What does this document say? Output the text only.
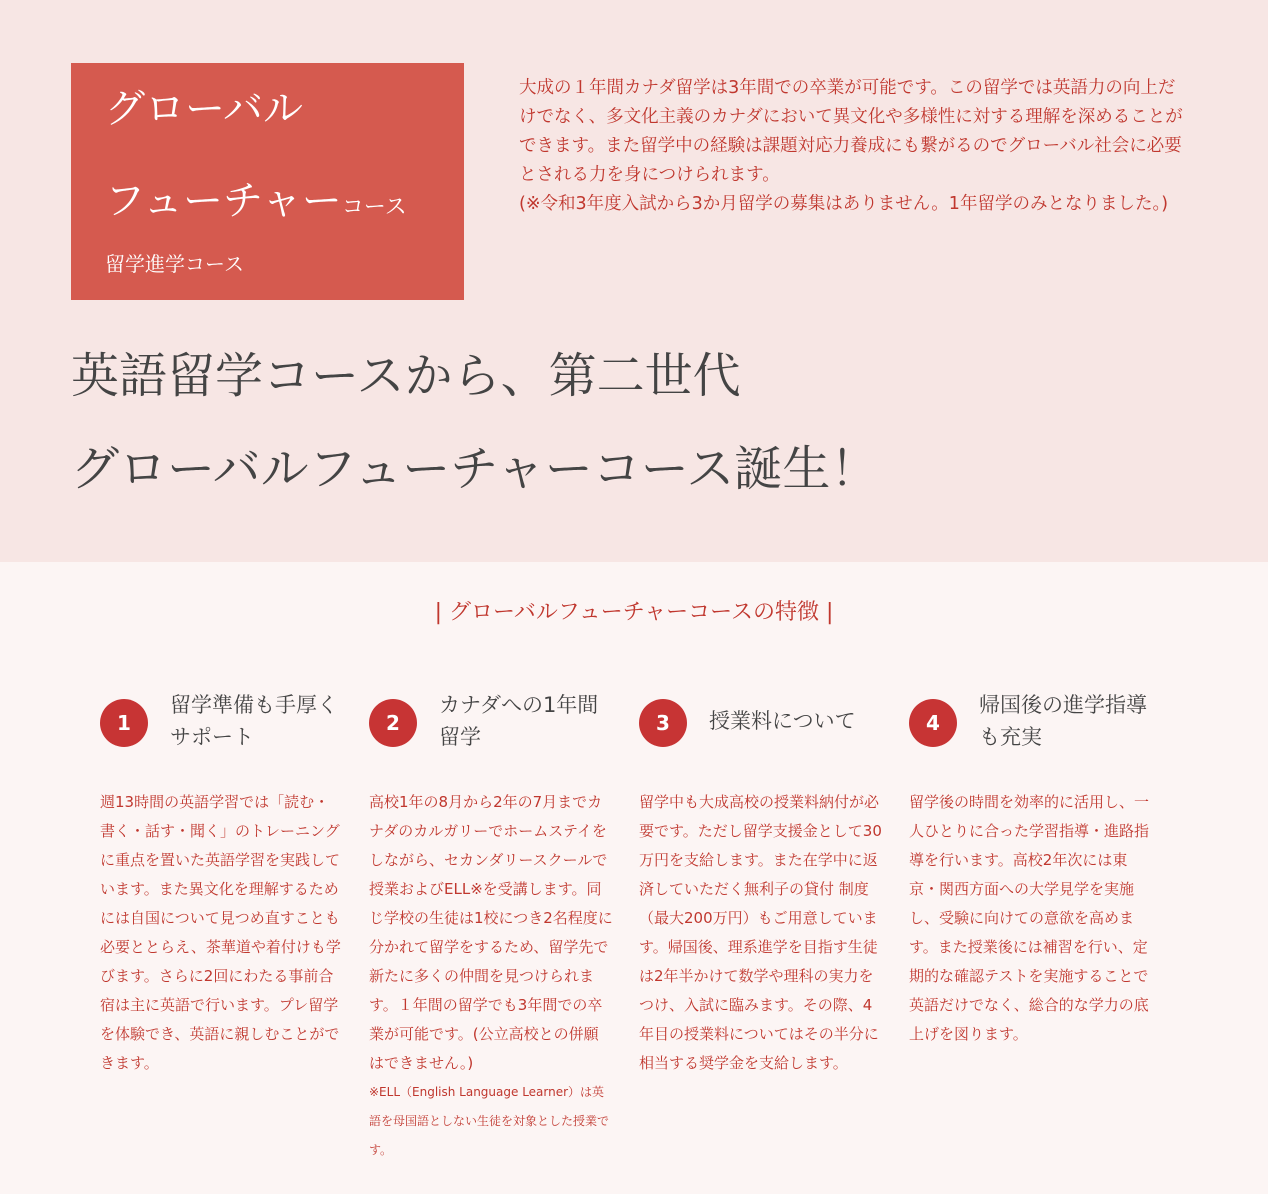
グローバル
フューチャーコース
留学進学コース
大成の１年間カナダ留学は3年間での卒業が可能です。この留学では英語力の向上だけでなく、多文化主義のカナダにおいて異文化や多様性に対する理解を深めることができます。また留学中の経験は課題対応力養成にも繋がるのでグローバル社会に必要とされる力を身につけられます。
(※令和3年度入試から3か月留学の募集はありません。1年留学のみとなりました。)
英語留学コースから、第二世代
グローバルフューチャーコース誕生！
| グローバルフューチャーコースの特徴 |
1
留学準備も手厚くサポート
週13時間の英語学習では「読む・書く・話す・聞く」のトレーニングに重点を置いた英語学習を実践しています。また異文化を理解するためには自国について見つめ直すことも必要ととらえ、茶華道や着付けも学びます。さらに2回にわたる事前合宿は主に英語で行います。プレ留学を体験でき、英語に親しむことができます。
2
カナダへの1年間留学
高校1年の8月から2年の7月までカナダのカルガリーでホームステイをしながら、セカンダリースクールで授業およびELL※を受講します。同じ学校の生徒は1校につき2名程度に分かれて留学をするため、留学先で新たに多くの仲間を見つけられます。１年間の留学でも3年間での卒業が可能です。(公立高校との併願はできません。)
※ELL（English Language Learner）は英語を母国語としない生徒を対象とした授業です。
3	授業料について
留学中も大成高校の授業料納付が必要です。ただし留学支援金として30万円を支給します。また在学中に返済していただく無利子の貸付 制度（最大200万円）もご用意しています。帰国後、理系進学を目指す生徒は2年半かけて数学や理科の実力をつけ、入試に臨みます。その際、4年目の授業料についてはその半分に相当する奨学金を支給します。
4
帰国後の進学指導も充実
留学後の時間を効率的に活用し、一人ひとりに合った学習指導・進路指導を行います。高校2年次には東京・関西方面への大学見学を実施し、受験に向けての意欲を高めます。また授業後には補習を行い、定期的な確認テストを実施することで英語だけでなく、総合的な学力の底上げを図ります。
